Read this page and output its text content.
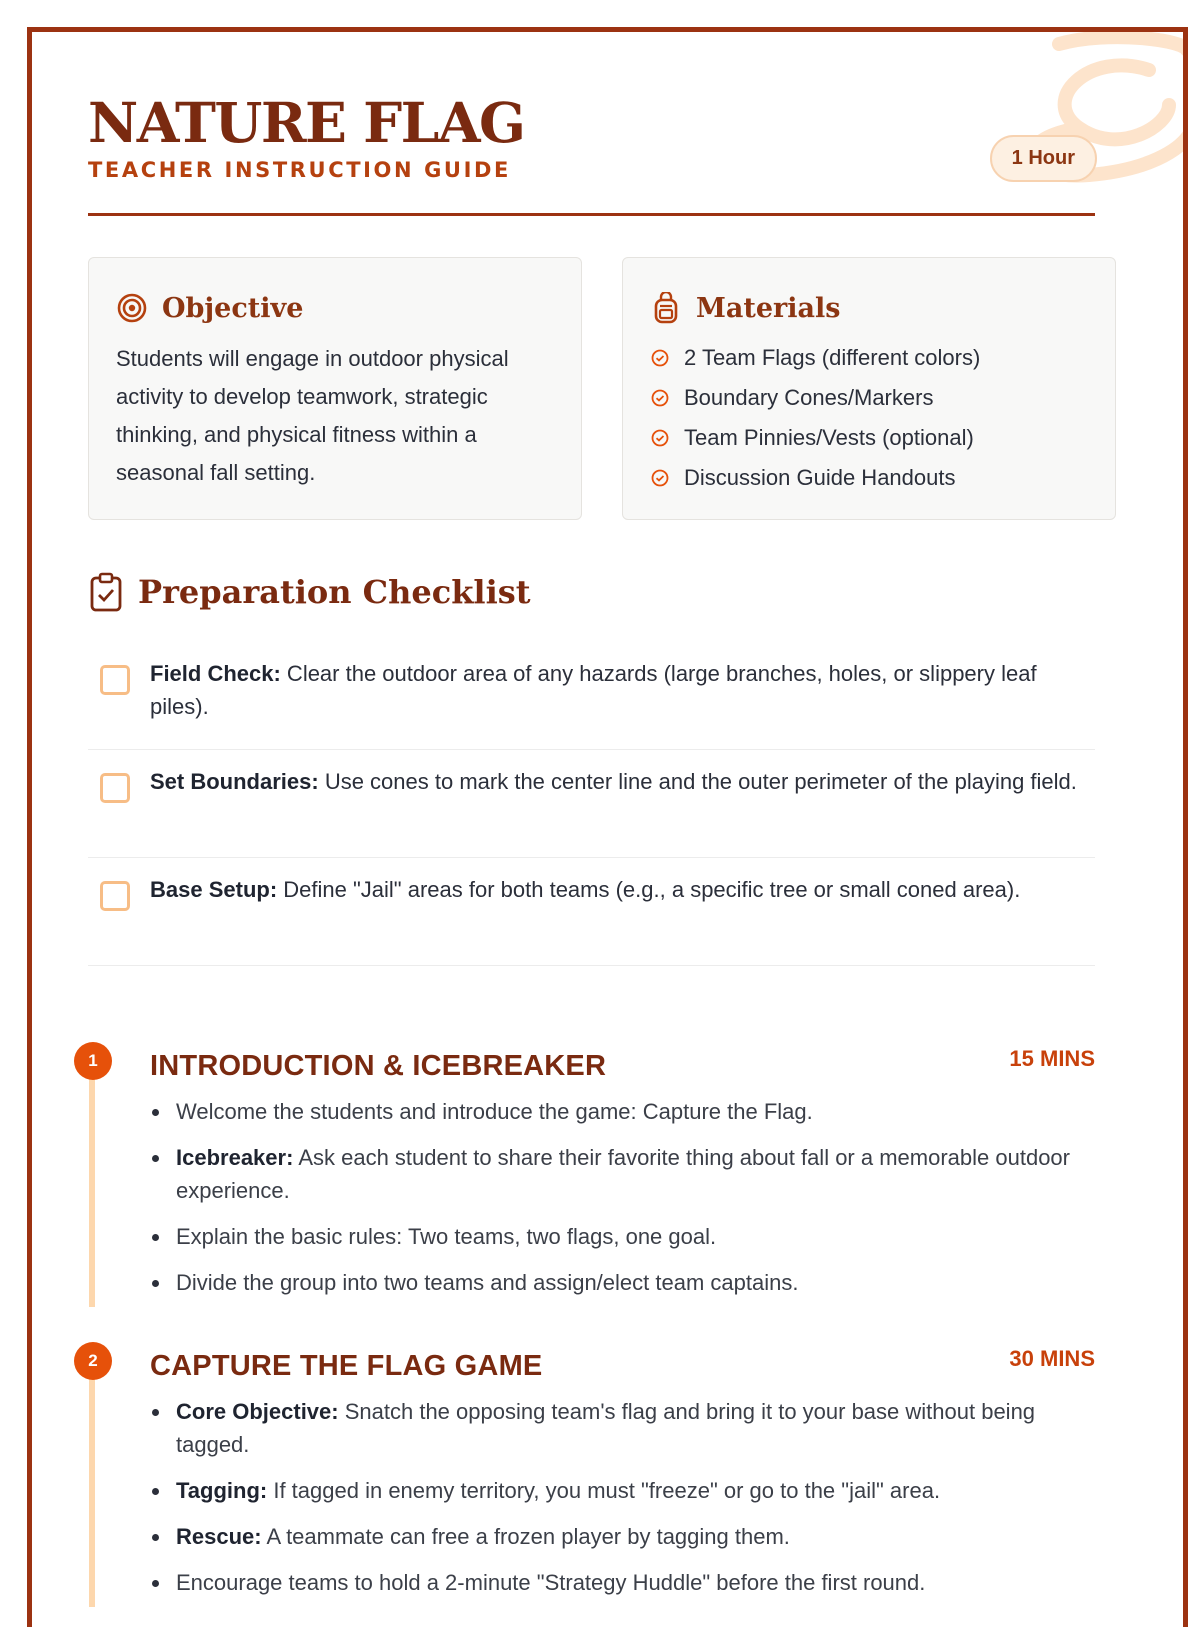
NATURE FLAG
TEACHER INSTRUCTION GUIDE	1 Hour
Objective

Students will engage in outdoor physical activity to develop teamwork, strategic thinking, and physical fitness within a seasonal fall setting.

Materials
2 Team Flags (different colors)
Boundary Cones/Markers
Team Pinnies/Vests (optional)
Discussion Guide Handouts
Preparation Checklist

Field Check: Clear the outdoor area of any hazards (large branches, holes, or slippery leaf piles).

Set Boundaries: Use cones to mark the center line and the outer perimeter of the playing field.

Base Setup: Define "Jail" areas for both teams (e.g., a specific tree or small coned area).

1	INTRODUCTION & ICEBREAKER	15 MINS
Welcome the students and introduce the game: Capture the Flag.
Icebreaker: Ask each student to share their favorite thing about fall or a memorable outdoor experience.
Explain the basic rules: Two teams, two flags, one goal.
Divide the group into two teams and assign/elect team captains.
2	CAPTURE THE FLAG GAME	30 MINS
Core Objective: Snatch the opposing team's flag and bring it to your base without being tagged.
Tagging: If tagged in enemy territory, you must "freeze" or go to the "jail" area.
Rescue: A teammate can free a frozen player by tagging them.
Encourage teams to hold a 2-minute "Strategy Huddle" before the first round.
